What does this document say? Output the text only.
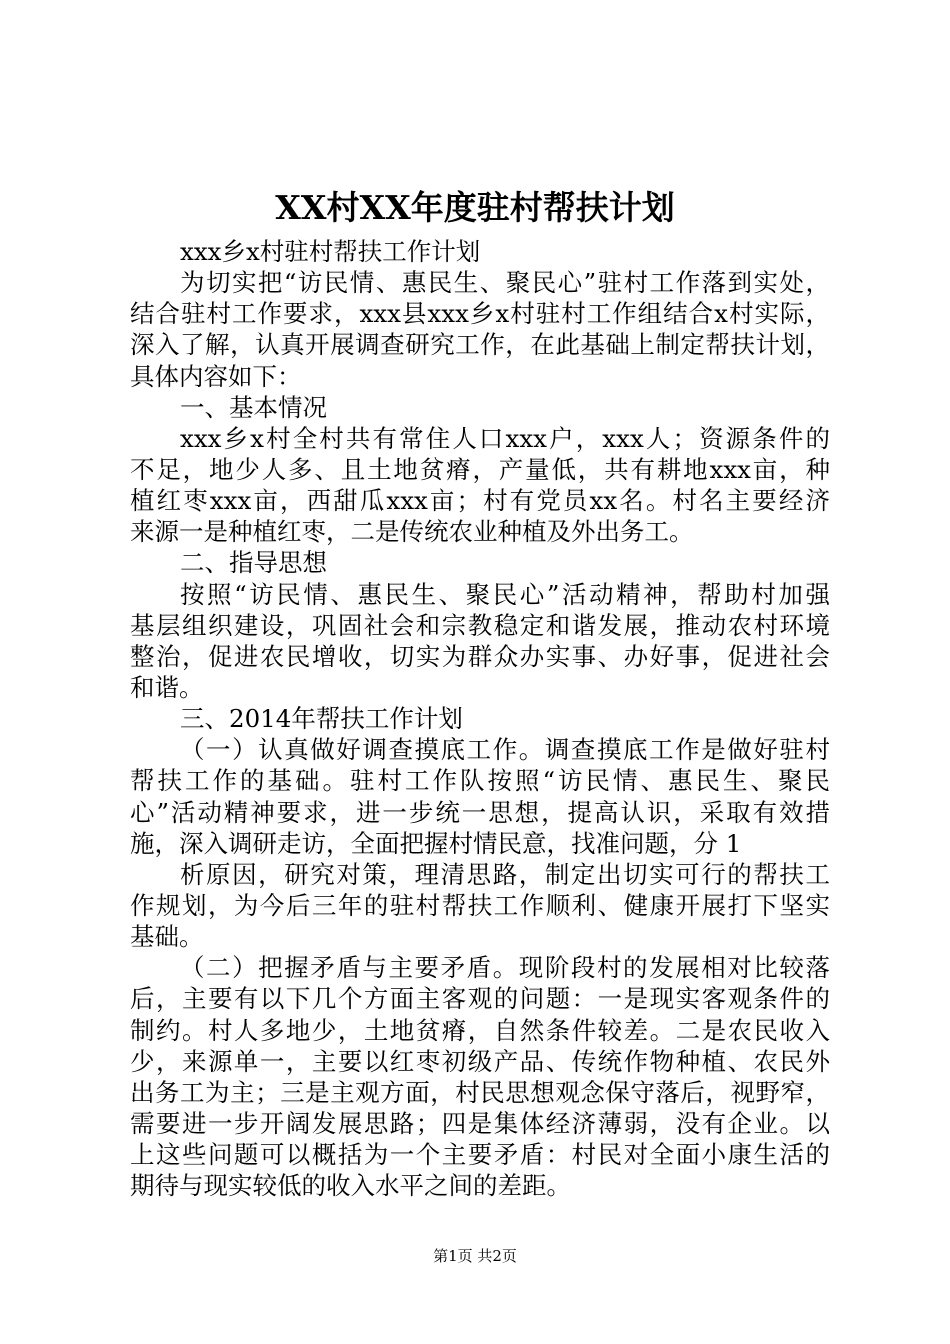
XX村XX年度驻村帮扶计划
xxx乡x村驻村帮扶工作计划
为切实把“访民情、惠民生、聚民心”驻村工作落到实处，
结合驻村工作要求，xxx县xxx乡x村驻村工作组结合x村实际，
深入了解，认真开展调查研究工作，在此基础上制定帮扶计划，
具体内容如下：
一、基本情况
xxx乡x村全村共有常住人口xxx户，xxx人；资源条件的
不足，地少人多、且土地贫瘠，产量低，共有耕地xxx亩，种
植红枣xxx亩，西甜瓜xxx亩；村有党员xx名。村名主要经济
来源一是种植红枣，二是传统农业种植及外出务工。
二、指导思想
按照“访民情、惠民生、聚民心”活动精神，帮助村加强
基层组织建设，巩固社会和宗教稳定和谐发展，推动农村环境
整治，促进农民增收，切实为群众办实事、办好事，促进社会
和谐。
三、2014年帮扶工作计划
（一）认真做好调查摸底工作。调查摸底工作是做好驻村
帮扶工作的基础。驻村工作队按照“访民情、惠民生、聚民
心”活动精神要求，进一步统一思想，提高认识，采取有效措
施，深入调研走访，全面把握村情民意，找准问题，分 1
析原因，研究对策，理清思路，制定出切实可行的帮扶工
作规划，为今后三年的驻村帮扶工作顺利、健康开展打下坚实
基础。
（二）把握矛盾与主要矛盾。现阶段村的发展相对比较落
后，主要有以下几个方面主客观的问题：一是现实客观条件的
制约。村人多地少，土地贫瘠，自然条件较差。二是农民收入
少，来源单一，主要以红枣初级产品、传统作物种植、农民外
出务工为主；三是主观方面，村民思想观念保守落后，视野窄，
需要进一步开阔发展思路；四是集体经济薄弱，没有企业。以
上这些问题可以概括为一个主要矛盾：村民对全面小康生活的
期待与现实较低的收入水平之间的差距。
第1页 共2页
